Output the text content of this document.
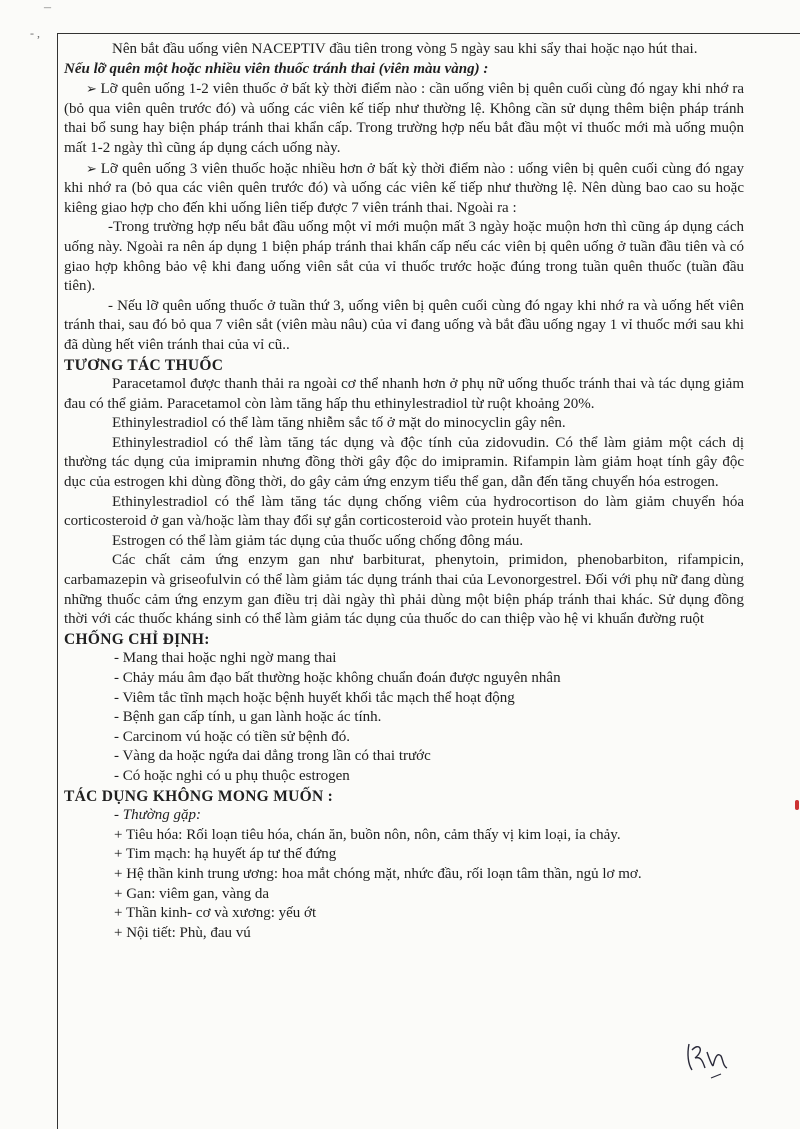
¯
- ,

Nên bắt đầu uống viên NACEPTIV đầu tiên trong vòng 5 ngày sau khi sẩy thai hoặc nạo hút thai.

Nếu lỡ quên một hoặc nhiều viên thuốc tránh thai (viên màu vàng) :

➢ Lỡ quên uống 1-2 viên thuốc ở bất kỳ thời điểm nào : cần uống viên bị quên cuối cùng đó ngay khi nhớ ra (bỏ qua viên quên trước đó) và uống các viên kế tiếp như thường lệ. Không cần sử dụng thêm biện pháp tránh thai bổ sung hay biện pháp tránh thai khẩn cấp. Trong trường hợp nếu bắt đầu một vỉ thuốc mới mà uống muộn mất 1-2 ngày thì cũng áp dụng cách uống này.

➢ Lỡ quên uống 3 viên thuốc hoặc nhiều hơn ở bất kỳ thời điểm nào : uống viên bị quên cuối cùng đó ngay khi nhớ ra (bỏ qua các viên quên trước đó) và uống các viên kế tiếp như thường lệ. Nên dùng bao cao su hoặc kiêng giao hợp cho đến khi uống liên tiếp được 7 viên tránh thai. Ngoài ra :

-Trong trường hợp nếu bắt đầu uống một vỉ mới muộn mất 3 ngày hoặc muộn hơn thì cũng áp dụng cách uống này. Ngoài ra nên áp dụng 1 biện pháp tránh thai khẩn cấp nếu các viên bị quên uống ở tuần đầu tiên và có giao hợp không bảo vệ khi đang uống viên sắt của vỉ thuốc trước hoặc đúng trong tuần quên thuốc (tuần đầu tiên).

- Nếu lỡ quên uống thuốc ở tuần thứ 3, uống viên bị quên cuối cùng đó ngay khi nhớ ra và uống hết viên tránh thai, sau đó bỏ qua 7 viên sắt (viên màu nâu) của vỉ đang uống và bắt đầu uống ngay 1 vỉ thuốc mới sau khi đã dùng hết viên tránh thai của vỉ cũ..

TƯƠNG TÁC THUỐC

Paracetamol được thanh thải ra ngoài cơ thể nhanh hơn ở phụ nữ uống thuốc tránh thai và tác dụng giảm đau có thể giảm. Paracetamol còn làm tăng hấp thu ethinylestradiol từ ruột khoảng 20%.

Ethinylestradiol có thể làm tăng nhiễm sắc tố ở mặt do minocyclin gây nên.

Ethinylestradiol có thể làm tăng tác dụng và độc tính của zidovudin. Có thể làm giảm một cách dị thường tác dụng của imipramin nhưng đồng thời gây độc do imipramin. Rifampin làm giảm hoạt tính gây độc dục của estrogen khi dùng đồng thời, do gây cảm ứng enzym tiểu thể gan, dẫn đến tăng chuyển hóa estrogen.

Ethinylestradiol có thể làm tăng tác dụng chống viêm của hydrocortison do làm giảm chuyển hóa corticosteroid ở gan và/hoặc làm thay đổi sự gắn corticosteroid vào protein huyết thanh.

Estrogen có thể làm giảm tác dụng của thuốc uống chống đông máu.

Các chất cảm ứng enzym gan như barbiturat, phenytoin, primidon, phenobarbiton, rifampicin, carbamazepin và griseofulvin có thể làm giảm tác dụng tránh thai của Levonorgestrel. Đối với phụ nữ đang dùng những thuốc cảm ứng enzym gan điều trị dài ngày thì phải dùng một biện pháp tránh thai khác. Sử dụng đồng thời với các thuốc kháng sinh có thể làm giảm tác dụng của thuốc do can thiệp vào hệ vi khuẩn đường ruột

CHỐNG CHỈ ĐỊNH:

- Mang thai hoặc nghi ngờ mang thai
- Chảy máu âm đạo bất thường hoặc không chuẩn đoán được nguyên nhân
- Viêm tắc tĩnh mạch hoặc bệnh huyết khối tắc mạch thể hoạt động
- Bệnh gan cấp tính, u gan lành hoặc ác tính.
- Carcinom vú hoặc có tiền sử bệnh đó.
- Vàng da hoặc ngứa dai dẳng trong lần có thai trước
- Có hoặc nghi có u phụ thuộc estrogen

TÁC DỤNG KHÔNG MONG MUỐN :

- Thường gặp:
+ Tiêu hóa: Rối loạn tiêu hóa, chán ăn, buồn nôn, nôn, cảm thấy vị kim loại, ỉa chảy.
+ Tim mạch: hạ huyết áp tư thế đứng
+ Hệ thần kinh trung ương: hoa mắt chóng mặt, nhức đầu, rối loạn tâm thần, ngủ lơ mơ.
+ Gan: viêm gan, vàng da
+ Thần kinh- cơ và xương: yếu ớt
+ Nội tiết: Phù, đau vú
